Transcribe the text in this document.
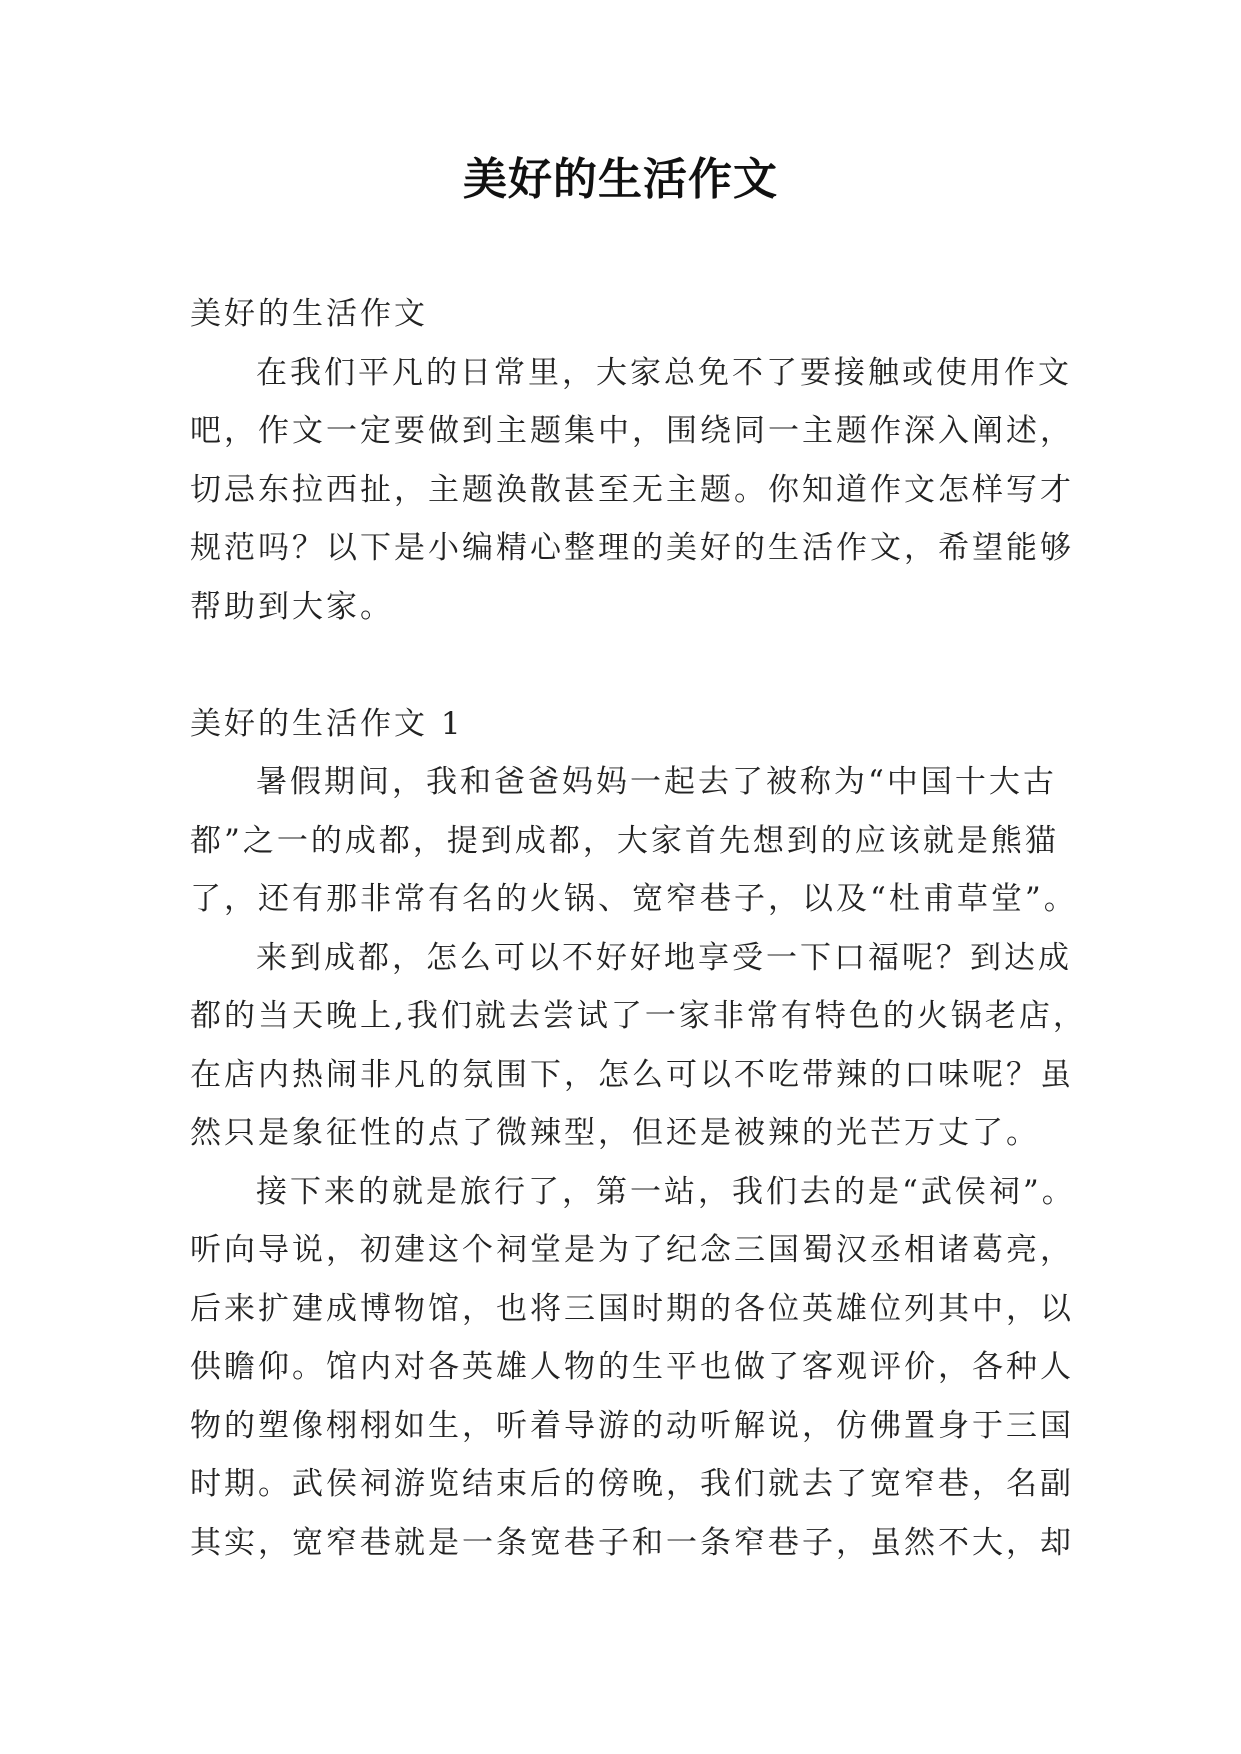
美好的生活作文
美好的生活作文
在我们平凡的日常里，大家总免不了要接触或使用作文
吧，作文一定要做到主题集中，围绕同一主题作深入阐述，
切忌东拉西扯，主题涣散甚至无主题。你知道作文怎样写才
规范吗？以下是小编精心整理的美好的生活作文，希望能够
帮助到大家。
美好的生活作文 1
暑假期间，我和爸爸妈妈一起去了被称为“中国十大古
都”之一的成都，提到成都，大家首先想到的应该就是熊猫
了，还有那非常有名的火锅、宽窄巷子，以及“杜甫草堂”。
来到成都，怎么可以不好好地享受一下口福呢？到达成
都的当天晚上,我们就去尝试了一家非常有特色的火锅老店，
在店内热闹非凡的氛围下，怎么可以不吃带辣的口味呢？虽
然只是象征性的点了微辣型，但还是被辣的光芒万丈了。
接下来的就是旅行了，第一站，我们去的是“武侯祠”。
听向导说，初建这个祠堂是为了纪念三国蜀汉丞相诸葛亮，
后来扩建成博物馆，也将三国时期的各位英雄位列其中，以
供瞻仰。馆内对各英雄人物的生平也做了客观评价，各种人
物的塑像栩栩如生，听着导游的动听解说，仿佛置身于三国
时期。武侯祠游览结束后的傍晚，我们就去了宽窄巷，名副
其实，宽窄巷就是一条宽巷子和一条窄巷子，虽然不大，却
